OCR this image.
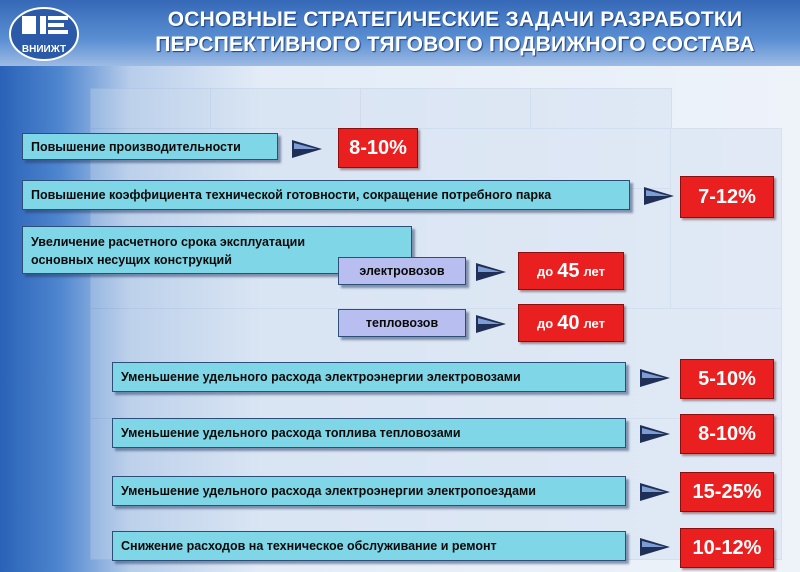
ВНИИЖТ
ОСНОВНЫЕ СТРАТЕГИЧЕСКИЕ ЗАДАЧИ РАЗРАБОТКИ
ПЕРСПЕКТИВНОГО ТЯГОВОГО ПОДВИЖНОГО СОСТАВА
Повышение производительности	8-10%
Повышение коэффициента технической готовности, сокращение потребного парка	7-12%
Увеличение расчетного срока эксплуатации
основных несущих конструкций
электровозов	до 45 лет
тепловозов	до 40 лет
Уменьшение удельного расхода электроэнергии электровозами	5-10%
Уменьшение удельного расхода топлива тепловозами	8-10%
Уменьшение удельного расхода электроэнергии электропоездами	15-25%
Снижение расходов на техническое обслуживание и ремонт	10-12%
